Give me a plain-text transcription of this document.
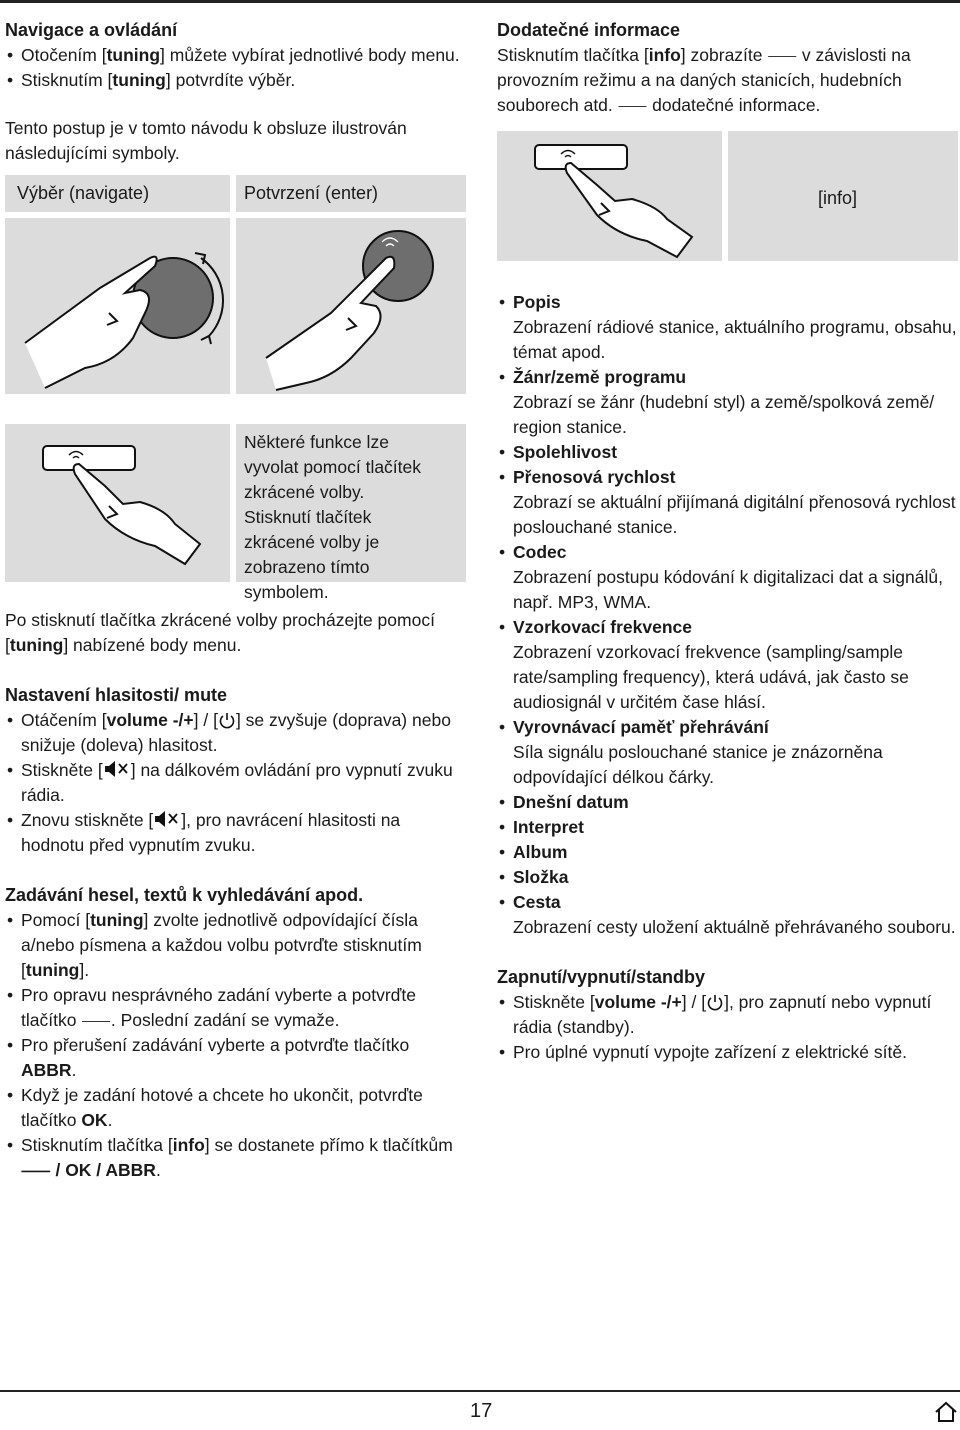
Navigace a ovládání
• Otočením [tuning] můžete vybírat jednotlivé body menu.
• Stisknutím [tuning] potvrdíte výběr.

Tento postup je v tomto návodu k obsluze ilustrován následujícími symboly.

Výběr (navigate)	Potvrzení (enter)

Některé funkce lze vyvolat pomocí tlačítek zkrácené volby. Stisknutí tlačítek zkrácené volby je zobrazeno tímto symbolem.

Po stisknutí tlačítka zkrácené volby procházejte pomocí [tuning] nabízené body menu.

Nastavení hlasitosti/ mute
• Otáčením [volume -/+] / [ ] se zvyšuje (doprava) nebo snižuje (doleva) hlasitost.
• Stiskněte [ ] na dálkovém ovládání pro vypnutí zvuku rádia.
• Znovu stiskněte [ ], pro navrácení hlasitosti na hodnotu před vypnutím zvuku.
Zadávání hesel, textů k vyhledávání apod.
• Pomocí [tuning] zvolte jednotlivě odpovídající čísla a/nebo písmena a každou volbu potvrďte stisknutím [tuning].
• Pro opravu nesprávného zadání vyberte a potvrďte tlačítko ⸺. Poslední zadání se vymaže.
• Pro přerušení zadávání vyberte a potvrďte tlačítko ABBR.
• Když je zadání hotové a chcete ho ukončit, potvrďte tlačítko OK.
• Stisknutím tlačítka [info] se dostanete přímo k tlačítkům ⸺ / OK / ABBR.
Dodatečné informace

Stisknutím tlačítka [info] zobrazíte ⸺ v závislosti na provozním režimu a na daných stanicích, hudebních souborech atd. ⸺ dodatečné informace.

[info]
• Popis
Zobrazení rádiové stanice, aktuálního programu, obsahu, témat apod.
• Žánr/země programu
Zobrazí se žánr (hudební styl) a země/spolková země/ region stanice.
• Spolehlivost
• Přenosová rychlost
Zobrazí se aktuální přijímaná digitální přenosová rychlost poslouchané stanice.
• Codec
Zobrazení postupu kódování k digitalizaci dat a signálů, např. MP3, WMA.
• Vzorkovací frekvence
Zobrazení vzorkovací frekvence (sampling/sample rate/sampling frequency), která udává, jak často se audiosignál v určitém čase hlásí.
• Vyrovnávací paměť přehrávání
Síla signálu poslouchané stanice je znázorněna odpovídající délkou čárky.
• Dnešní datum
• Interpret
• Album
• Složka
• Cesta
Zobrazení cesty uložení aktuálně přehrávaného souboru.
Zapnutí/vypnutí/standby
• Stiskněte [volume -/+] / [ ], pro zapnutí nebo vypnutí rádia (standby).
• Pro úplné vypnutí vypojte zařízení z elektrické sítě.
17
